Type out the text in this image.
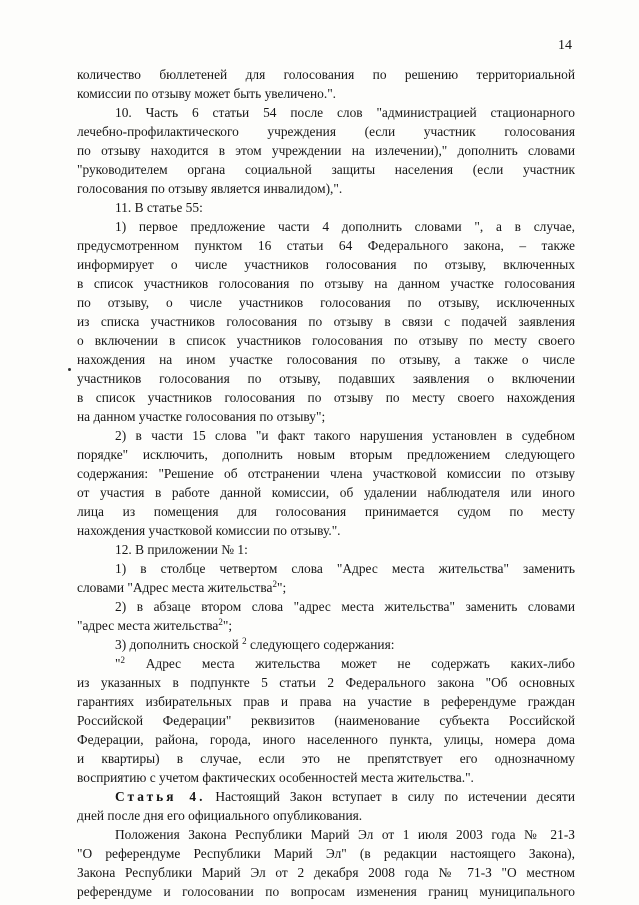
14
количество бюллетеней для голосования по решению территориальной
комиссии по отзыву может быть увеличено.".
10. Часть 6 статьи 54 после слов "администрацией стационарного
лечебно-профилактического учреждения (если участник голосования
по отзыву находится в этом учреждении на излечении)," дополнить словами
"руководителем органа социальной защиты населения (если участник
голосования по отзыву является инвалидом),".
11. В статье 55:
1) первое предложение части 4 дополнить словами ", а в случае,
предусмотренном пунктом 16 статьи 64 Федерального закона, – также
информирует о числе участников голосования по отзыву, включенных
в список участников голосования по отзыву на данном участке голосования
по отзыву, о числе участников голосования по отзыву, исключенных
из списка участников голосования по отзыву в связи с подачей заявления
о включении в список участников голосования по отзыву по месту своего
нахождения на ином участке голосования по отзыву, а также о числе
участников голосования по отзыву, подавших заявления о включении
в список участников голосования по отзыву по месту своего нахождения
на данном участке голосования по отзыву";
2) в части 15 слова "и факт такого нарушения установлен в судебном
порядке" исключить, дополнить новым вторым предложением следующего
содержания: "Решение об отстранении члена участковой комиссии по отзыву
от участия в работе данной комиссии, об удалении наблюдателя или иного
лица из помещения для голосования принимается судом по месту
нахождения участковой комиссии по отзыву.".
12. В приложении № 1:
1) в столбце четвертом слова "Адрес места жительства" заменить
словами "Адрес места жительства$^2$";
2) в абзаце втором слова "адрес места жительства" заменить словами
"адрес места жительства$^2$";
3) дополнить сноской $^2$ следующего содержания:
"$^2$ Адрес места жительства может не содержать каких-либо
из указанных в подпункте 5 статьи 2 Федерального закона "Об основных
гарантиях избирательных прав и права на участие в референдуме граждан
Российской Федерации" реквизитов (наименование субъекта Российской
Федерации, района, города, иного населенного пункта, улицы, номера дома
и квартиры) в случае, если это не препятствует его однозначному
восприятию с учетом фактических особенностей места жительства.".
Статья 4. Настоящий Закон вступает в силу по истечении десяти
дней после дня его официального опубликования.
Положения Закона Республики Марий Эл от 1 июля 2003 года № 21-З
"О референдуме Республики Марий Эл" (в редакции настоящего Закона),
Закона Республики Марий Эл от 2 декабря 2008 года № 71-З "О местном
референдуме и голосовании по вопросам изменения границ муниципального
